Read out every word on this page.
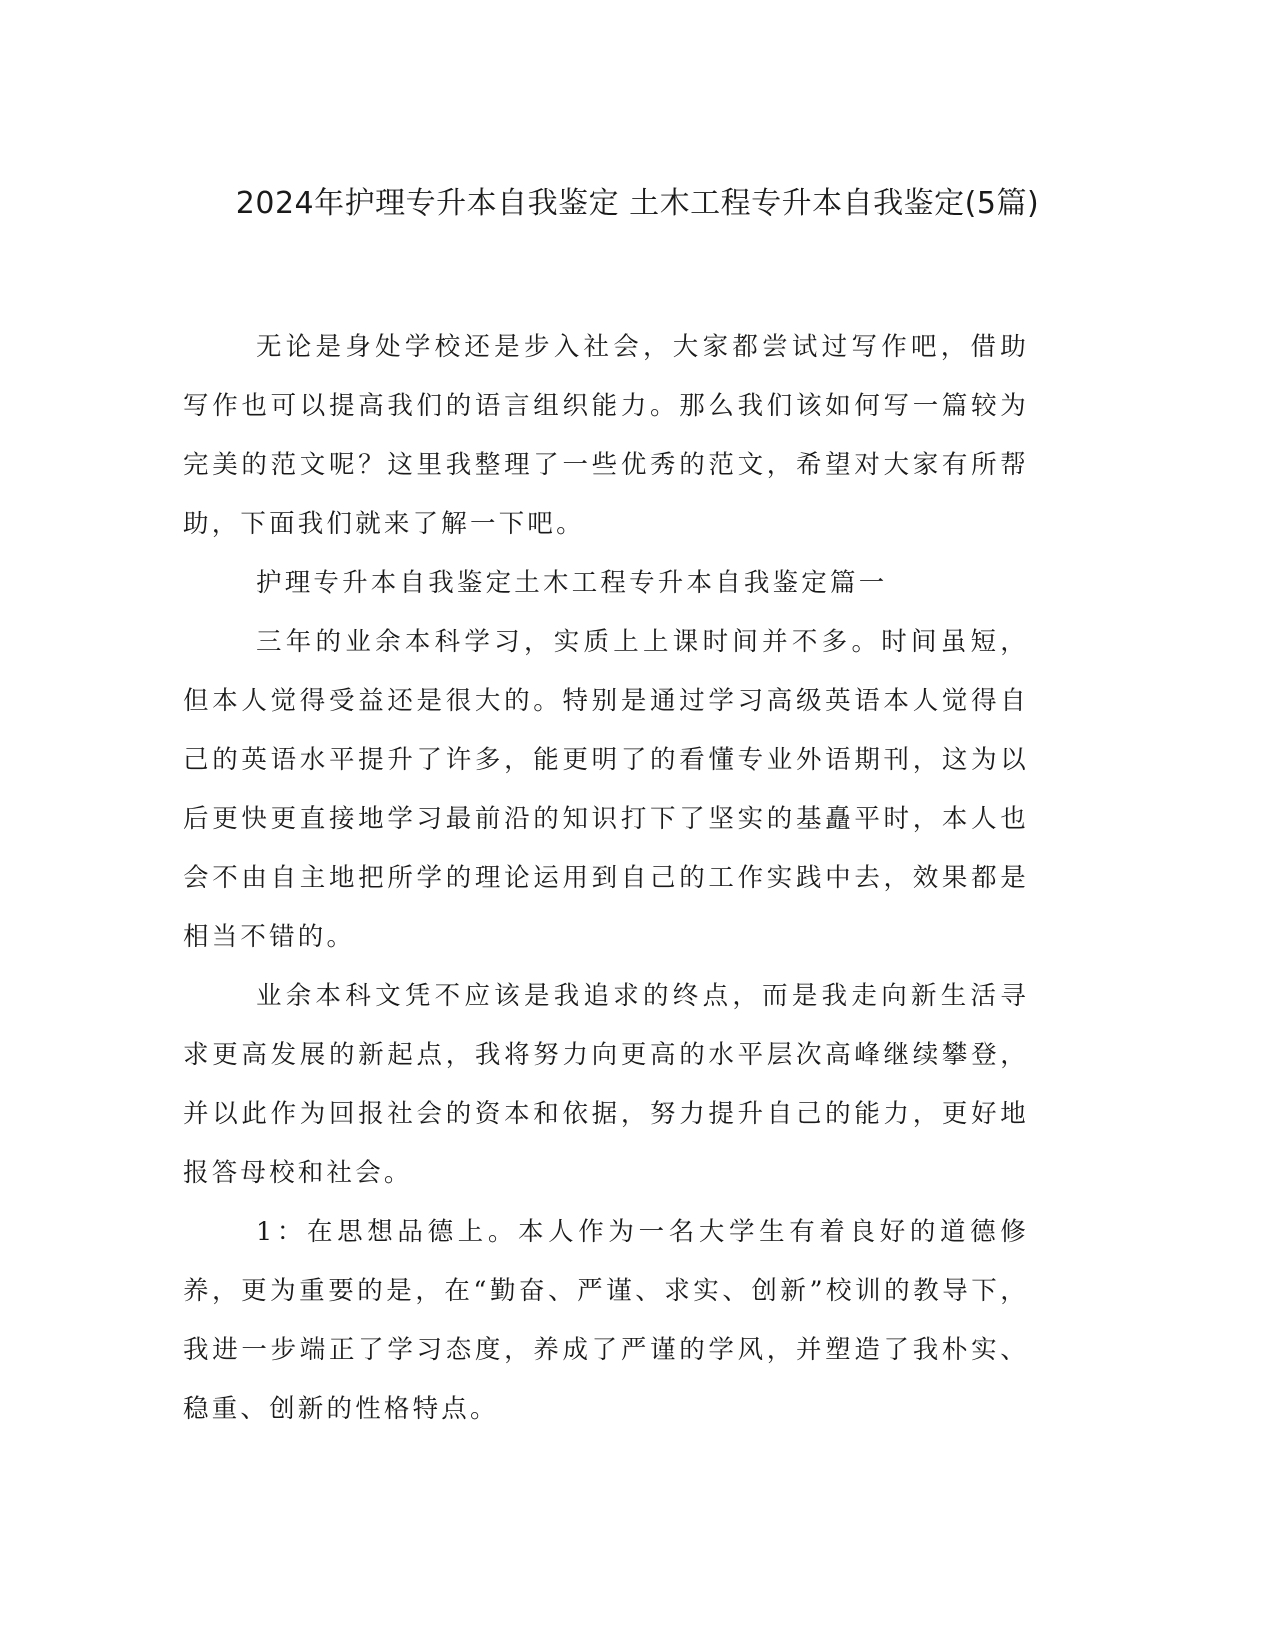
2024年护理专升本自我鉴定 土木工程专升本自我鉴定(5篇)

无论是身处学校还是步入社会，大家都尝试过写作吧，借助写作也可以提高我们的语言组织能力。那么我们该如何写一篇较为完美的范文呢？这里我整理了一些优秀的范文，希望对大家有所帮助，下面我们就来了解一下吧。

护理专升本自我鉴定土木工程专升本自我鉴定篇一

三年的业余本科学习，实质上上课时间并不多。时间虽短，但本人觉得受益还是很大的。特别是通过学习高级英语本人觉得自己的英语水平提升了许多，能更明了的看懂专业外语期刊，这为以后更快更直接地学习最前沿的知识打下了坚实的基矗平时，本人也会不由自主地把所学的理论运用到自己的工作实践中去，效果都是相当不错的。

业余本科文凭不应该是我追求的终点，而是我走向新生活寻求更高发展的新起点，我将努力向更高的水平层次高峰继续攀登，并以此作为回报社会的资本和依据，努力提升自己的能力，更好地报答母校和社会。

1：在思想品德上。本人作为一名大学生有着良好的道德修养，更为重要的是，在“勤奋、严谨、求实、创新”校训的教导下，我进一步端正了学习态度，养成了严谨的学风，并塑造了我朴实、稳重、创新的性格特点。
